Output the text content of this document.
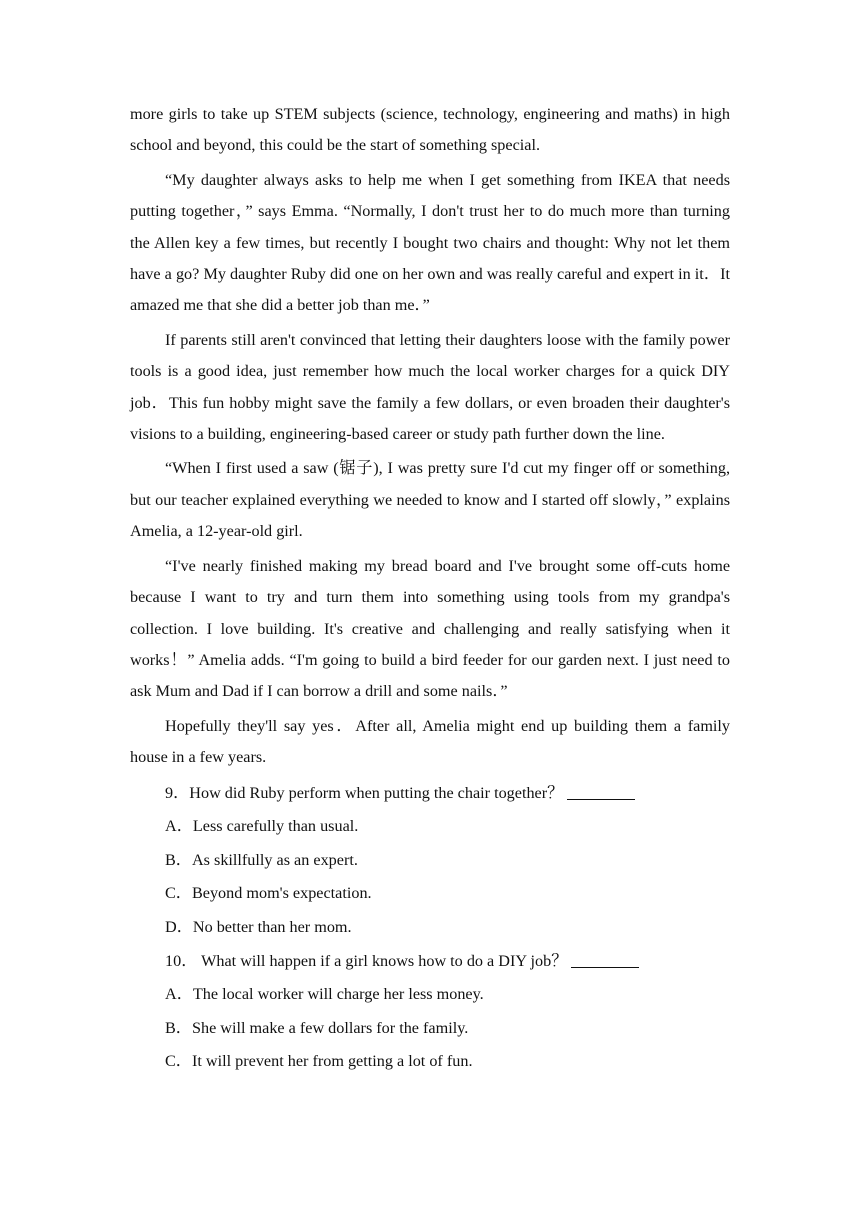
more girls to take up STEM subjects (science, technology, engineering and maths) in high school and beyond, this could be the start of something special.

“My daughter always asks to help me when I get something from IKEA that needs putting together，” says Emma. “Normally, I don't trust her to do much more than turning the Allen key a few times, but recently I bought two chairs and thought: Why not let them have a go? My daughter Ruby did one on her own and was really careful and expert in it．It amazed me that she did a better job than me．”

If parents still aren't convinced that letting their daughters loose with the family power tools is a good idea, just remember how much the local worker charges for a quick DIY job．This fun hobby might save the family a few dollars, or even broaden their daughter's visions to a building, engineering-based career or study path further down the line.

“When I first used a saw (锯子), I was pretty sure I'd cut my finger off or something, but our teacher explained everything we needed to know and I started off slowly，” explains Amelia, a 12-year-old girl.

“I've nearly finished making my bread board and I've brought some off-cuts home because I want to try and turn them into something using tools from my grandpa's collection. I love building. It's creative and challenging and really satisfying when it works！” Amelia adds. “I'm going to build a bird feeder for our garden next. I just need to ask Mum and Dad if I can borrow a drill and some nails．”

Hopefully they'll say yes．After all, Amelia might end up building them a family house in a few years.

9．How did Ruby perform when putting the chair together？

A．Less carefully than usual.

B．As skillfully as an expert.

C．Beyond mom's expectation.

D．No better than her mom.

10． What will happen if a girl knows how to do a DIY job？

A．The local worker will charge her less money.

B．She will make a few dollars for the family.

C．It will prevent her from getting a lot of fun.
